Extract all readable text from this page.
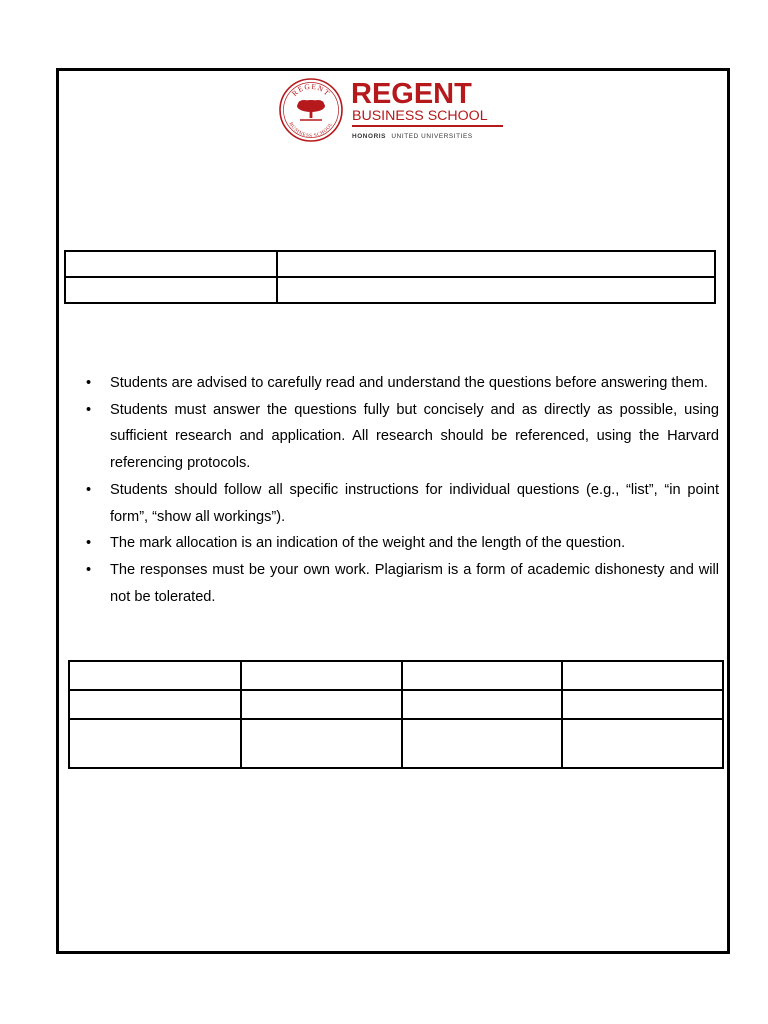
REGENT
BUSINESS SCHOOL
REGENT
BUSINESS SCHOOL
HONORIS UNITED UNIVERSITIES

• Students are advised to carefully read and understand the questions before answering them.
• Students must answer the questions fully but concisely and as directly as possible, using sufficient research and application. All research should be referenced, using the Harvard referencing protocols.
• Students should follow all specific instructions for individual questions (e.g., “list”, “in point form”, “show all workings”).
• The mark allocation is an indication of the weight and the length of the question.
• The responses must be your own work. Plagiarism is a form of academic dishonesty and will not be tolerated.
